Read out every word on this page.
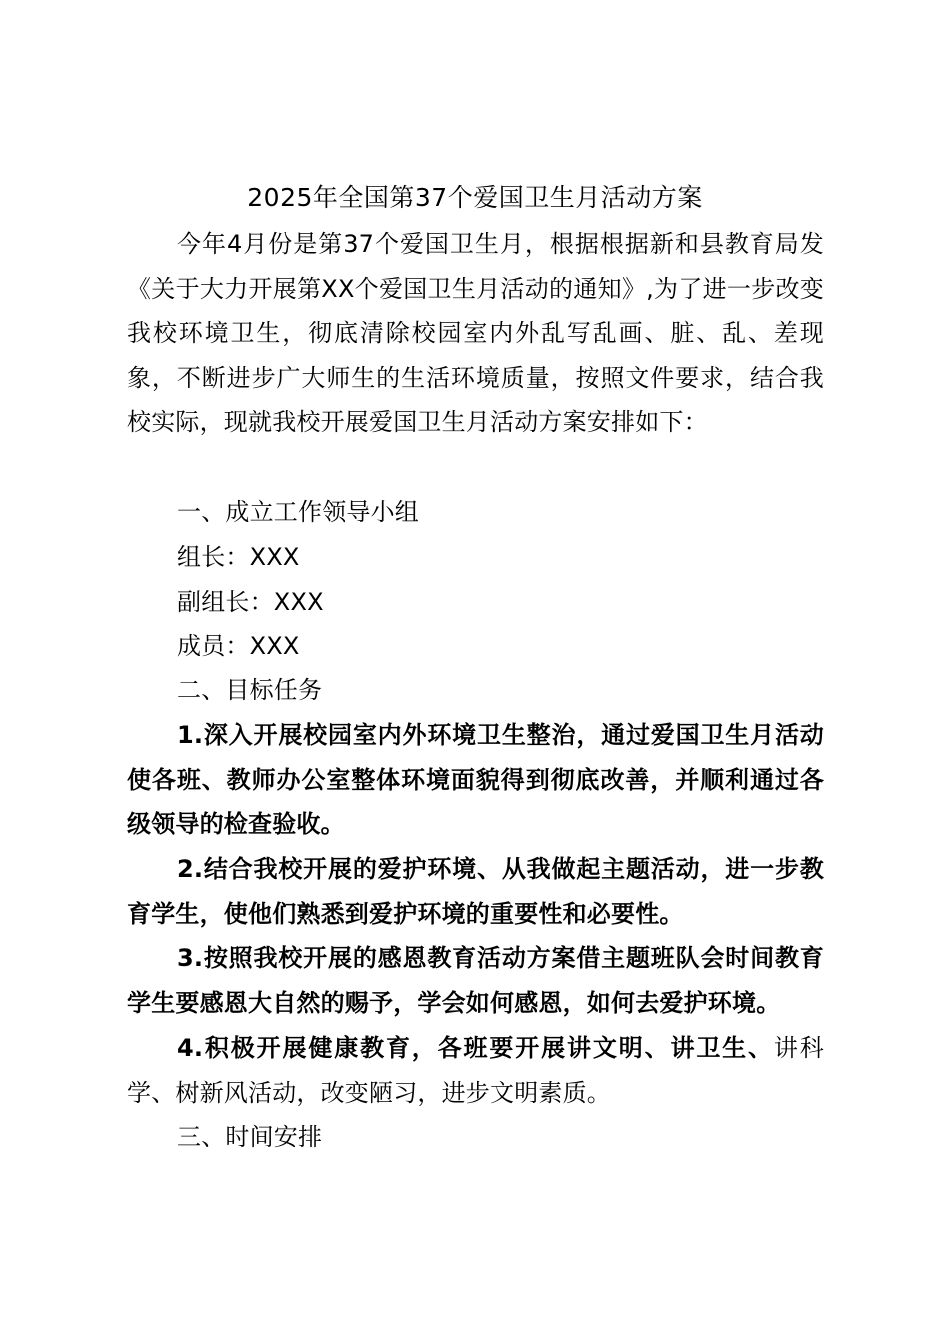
2025年全国第37个爱国卫生月活动方案

今年4月份是第37个爱国卫生月，根据根据新和县教育局发《关于大力开展第XX个爱国卫生月活动的通知》,为了进一步改变我校环境卫生，彻底清除校园室内外乱写乱画、脏、乱、差现象，不断进步广大师生的生活环境质量，按照文件要求，结合我校实际，现就我校开展爱国卫生月活动方案安排如下：

一、成立工作领导小组

组长：XXX

副组长：XXX

成员：XXX

二、目标任务

1.深入开展校园室内外环境卫生整治，通过爱国卫生月活动使各班、教师办公室整体环境面貌得到彻底改善，并顺利通过各级领导的检查验收。

2.结合我校开展的爱护环境、从我做起主题活动，进一步教育学生，使他们熟悉到爱护环境的重要性和必要性。

3.按照我校开展的感恩教育活动方案借主题班队会时间教育学生要感恩大自然的赐予，学会如何感恩，如何去爱护环境。

4.积极开展健康教育，各班要开展讲文明、讲卫生、讲科学、树新风活动，改变陋习，进步文明素质。

三、时间安排
